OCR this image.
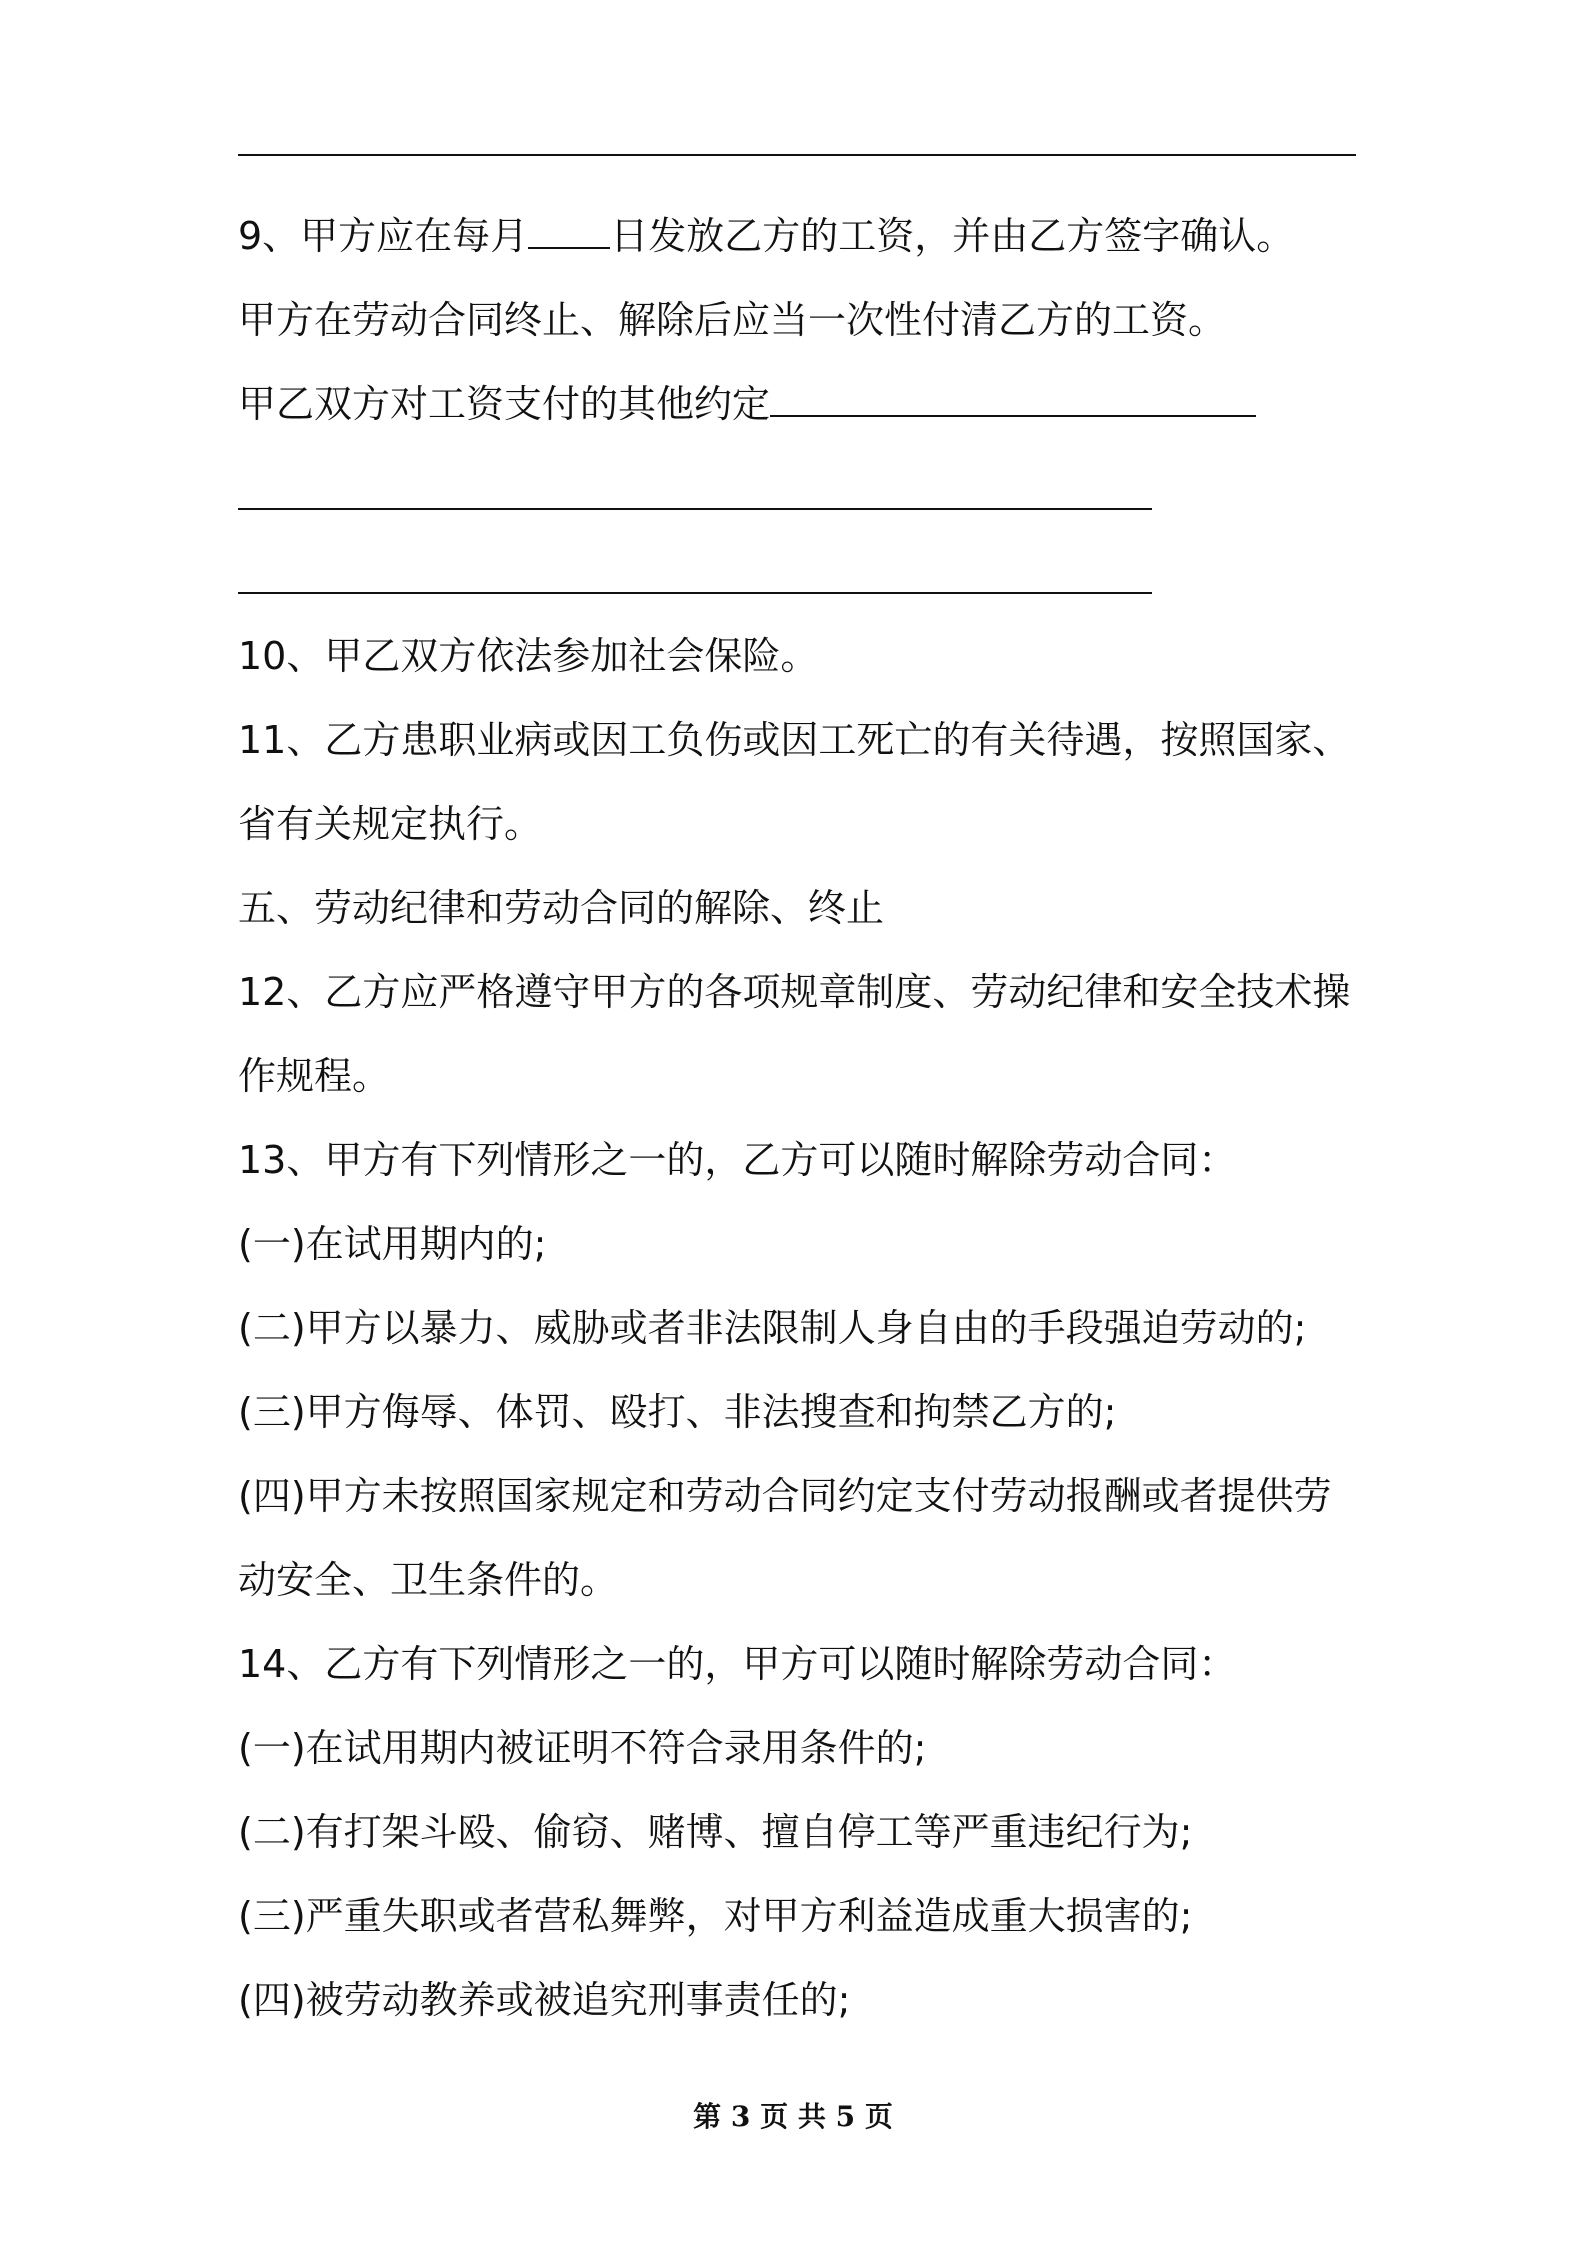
9、甲方应在每月 日发放乙方的工资，并由乙方签字确认。
甲方在劳动合同终止、解除后应当一次性付清乙方的工资。
甲乙双方对工资支付的其他约定
10、甲乙双方依法参加社会保险。
11、乙方患职业病或因工负伤或因工死亡的有关待遇，按照国家、
省有关规定执行。
五、劳动纪律和劳动合同的解除、终止
12、乙方应严格遵守甲方的各项规章制度、劳动纪律和安全技术操
作规程。
13、甲方有下列情形之一的，乙方可以随时解除劳动合同：
(一)在试用期内的;
(二)甲方以暴力、威胁或者非法限制人身自由的手段强迫劳动的;
(三)甲方侮辱、体罚、殴打、非法搜查和拘禁乙方的;
(四)甲方未按照国家规定和劳动合同约定支付劳动报酬或者提供劳
动安全、卫生条件的。
14、乙方有下列情形之一的，甲方可以随时解除劳动合同：
(一)在试用期内被证明不符合录用条件的;
(二)有打架斗殴、偷窃、赌博、擅自停工等严重违纪行为;
(三)严重失职或者营私舞弊，对甲方利益造成重大损害的;
(四)被劳动教养或被追究刑事责任的;
第 3 页 共 5 页
